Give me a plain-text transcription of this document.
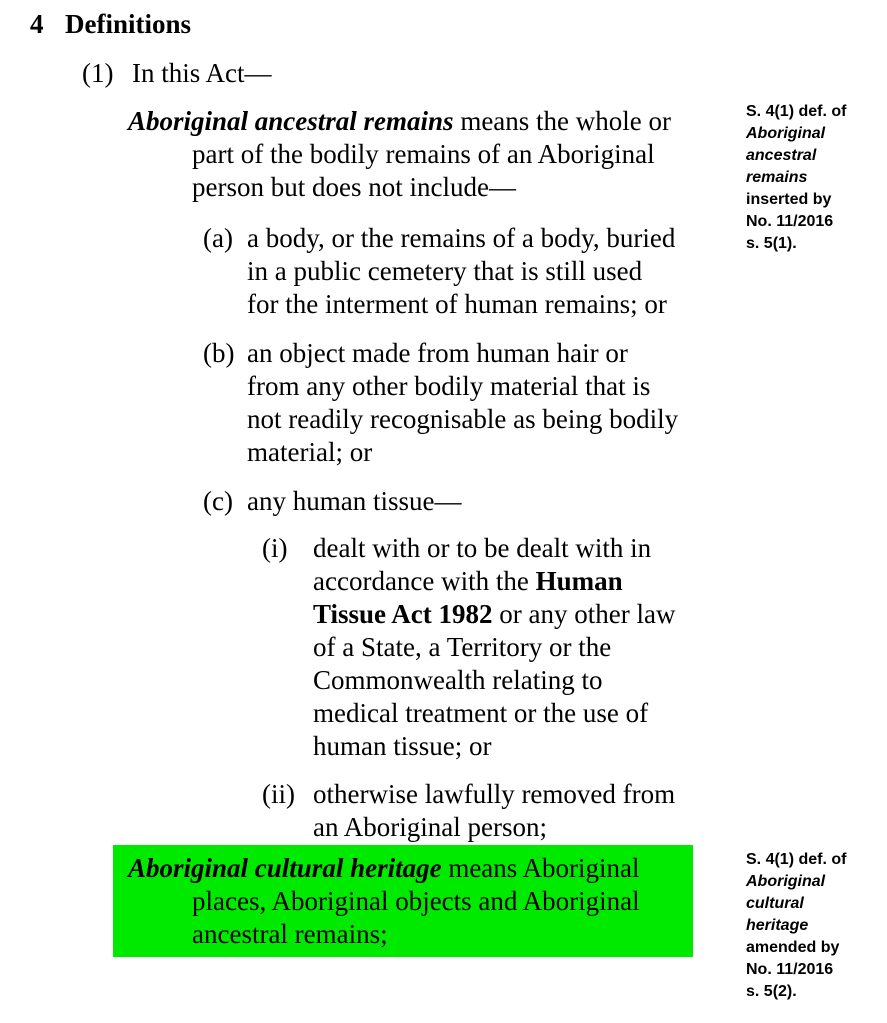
4 Definitions
(1) In this Act—
Aboriginal ancestral remains means the whole or part of the bodily remains of an Aboriginal person but does not include—
(a) a body, or the remains of a body, buried in a public cemetery that is still used for the interment of human remains; or
(b) an object made from human hair or from any other bodily material that is not readily recognisable as being bodily material; or
(c) any human tissue—
(i) dealt with or to be dealt with in accordance with the Human Tissue Act 1982 or any other law of a State, a Territory or the Commonwealth relating to medical treatment or the use of human tissue; or
(ii) otherwise lawfully removed from an Aboriginal person;
Aboriginal cultural heritage means Aboriginal places, Aboriginal objects and Aboriginal ancestral remains;
S. 4(1) def. of Aboriginal ancestral remains inserted by No. 11/2016 s. 5(1).
S. 4(1) def. of Aboriginal cultural heritage amended by No. 11/2016 s. 5(2).
